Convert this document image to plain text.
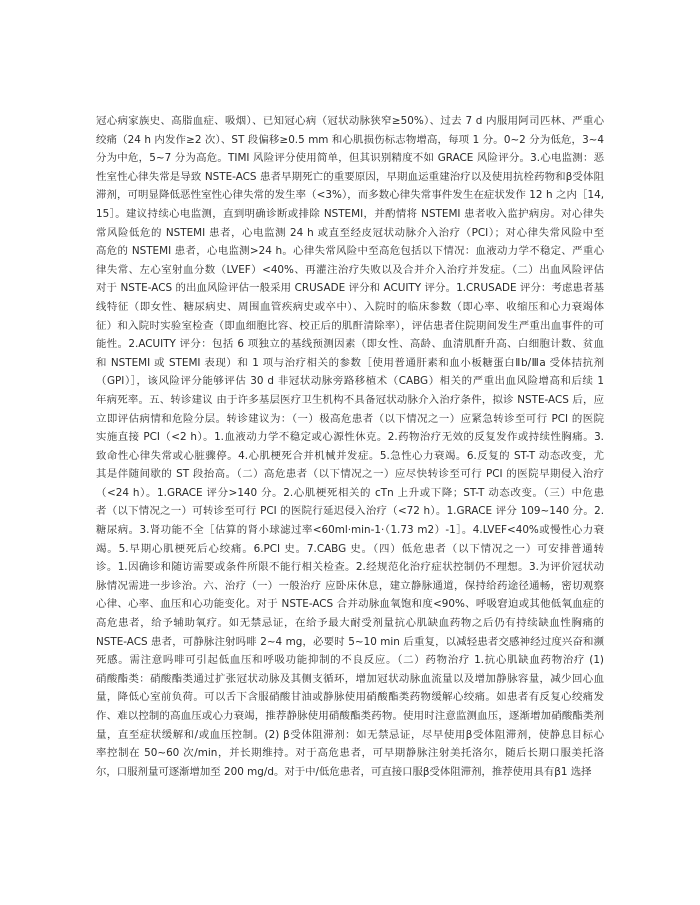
冠心病家族史、高脂血症、吸烟）、已知冠心病（冠状动脉狭窄≥50%）、过去 7 d 内服用阿司匹林、严重心
绞痛（24 h 内发作≥2 次）、ST 段偏移≥0.5 mm 和心肌损伤标志物增高，每项 1 分。0~2 分为低危，3~4
分为中危，5~7 分为高危。TIMI 风险评分使用简单，但其识别精度不如 GRACE 风险评分。3.心电监测：恶
性室性心律失常是导致 NSTE-ACS 患者早期死亡的重要原因，早期血运重建治疗以及使用抗栓药物和β受体阻
滞剂，可明显降低恶性室性心律失常的发生率（<3%），而多数心律失常事件发生在症状发作 12 h 之内［14,
15］。建议持续心电监测，直到明确诊断或排除 NSTEMI，并酌情将 NSTEMI 患者收入监护病房。对心律失
常风险低危的 NSTEMI 患者，心电监测 24 h 或直至经皮冠状动脉介入治疗（PCI）；对心律失常风险中至
高危的 NSTEMI 患者，心电监测>24 h。心律失常风险中至高危包括以下情况：血液动力学不稳定、严重心
律失常、左心室射血分数（LVEF）<40%、再灌注治疗失败以及合并介入治疗并发症。（二）出血风险评估
对于 NSTE-ACS 的出血风险评估一般采用 CRUSADE 评分和 ACUITY 评分。1.CRUSADE 评分：考虑患者基
线特征（即女性、糖尿病史、周围血管疾病史或卒中）、入院时的临床参数（即心率、收缩压和心力衰竭体
征）和入院时实验室检查（即血细胞比容、校正后的肌酐清除率），评估患者住院期间发生严重出血事件的可
能性。2.ACUITY 评分：包括 6 项独立的基线预测因素（即女性、高龄、血清肌酐升高、白细胞计数、贫血
和 NSTEMI 或 STEMI 表现）和 1 项与治疗相关的参数［使用普通肝素和血小板糖蛋白Ⅱb/Ⅲa 受体拮抗剂
（GPI）］，该风险评分能够评估 30 d 非冠状动脉旁路移植术（CABG）相关的严重出血风险增高和后续 1
年病死率。五、转诊建议 由于许多基层医疗卫生机构不具备冠状动脉介入治疗条件，拟诊 NSTE-ACS 后，应
立即评估病情和危险分层。转诊建议为：（一）极高危患者（以下情况之一）应紧急转诊至可行 PCI 的医院
实施直接 PCI（<2 h）。1.血液动力学不稳定或心源性休克。2.药物治疗无效的反复发作或持续性胸痛。3.
致命性心律失常或心脏骤停。4.心肌梗死合并机械并发症。5.急性心力衰竭。6.反复的 ST-T 动态改变，尤
其是伴随间歇的 ST 段抬高。（二）高危患者（以下情况之一）应尽快转诊至可行 PCI 的医院早期侵入治疗
（<24 h）。1.GRACE 评分>140 分。2.心肌梗死相关的 cTn 上升或下降；ST-T 动态改变。（三）中危患
者（以下情况之一）可转诊至可行 PCI 的医院行延迟侵入治疗（<72 h）。1.GRACE 评分 109~140 分。2.
糖尿病。3.肾功能不全［估算的肾小球滤过率<60ml·min-1·（1.73 m2）-1］。4.LVEF<40%或慢性心力衰
竭。5.早期心肌梗死后心绞痛。6.PCI 史。7.CABG 史。（四）低危患者（以下情况之一）可安排普通转
诊。1.因确诊和随访需要或条件所限不能行相关检查。2.经规范化治疗症状控制仍不理想。3.为评价冠状动
脉情况需进一步诊治。六、治疗（一）一般治疗 应卧床休息，建立静脉通道，保持给药途径通畅，密切观察
心律、心率、血压和心功能变化。对于 NSTE-ACS 合并动脉血氧饱和度<90%、呼吸窘迫或其他低氧血症的
高危患者，给予辅助氧疗。如无禁忌证，在给予最大耐受剂量抗心肌缺血药物之后仍有持续缺血性胸痛的
NSTE-ACS 患者，可静脉注射吗啡 2~4 mg，必要时 5~10 min 后重复，以减轻患者交感神经过度兴奋和濒
死感。需注意吗啡可引起低血压和呼吸功能抑制的不良反应。（二）药物治疗 1.抗心肌缺血药物治疗 (1)
硝酸酯类：硝酸酯类通过扩张冠状动脉及其侧支循环，增加冠状动脉血流量以及增加静脉容量，减少回心血
量，降低心室前负荷。可以舌下含服硝酸甘油或静脉使用硝酸酯类药物缓解心绞痛。如患者有反复心绞痛发
作、难以控制的高血压或心力衰竭，推荐静脉使用硝酸酯类药物。使用时注意监测血压，逐渐增加硝酸酯类剂
量，直至症状缓解和/或血压控制。(2) β受体阻滞剂：如无禁忌证，尽早使用β受体阻滞剂，使静息目标心
率控制在 50~60 次/min，并长期维持。对于高危患者，可早期静脉注射美托洛尔，随后长期口服美托洛
尔，口服剂量可逐渐增加至 200 mg/d。对于中/低危患者，可直接口服β受体阻滞剂，推荐使用具有β1 选择
